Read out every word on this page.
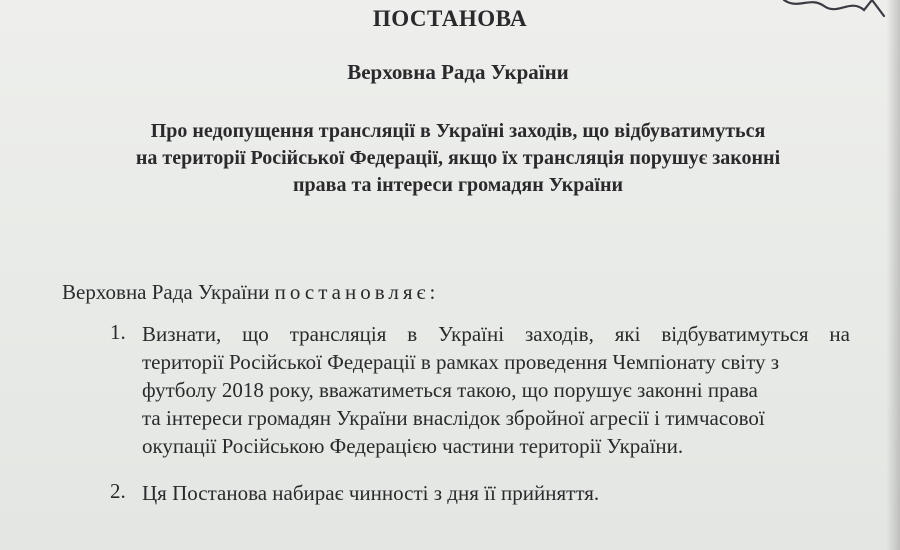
ПОСТАНОВА

Верховна Рада України

Про недопущення трансляції в Україні заходів, що відбуватимуться
на території Російської Федерації, якщо їх трансляція порушує законні
права та інтереси громадян України

Верховна Рада України постановляє:

1. Визнати, що трансляція в Україні заходів, які відбуватимуться на
території Російської Федерації в рамках проведення Чемпіонату світу з
футболу 2018 року, вважатиметься такою, що порушує законні права
та інтереси громадян України внаслідок збройної агресії і тимчасової
окупації Російською Федерацією частини території України.
2. Ця Постанова набирає чинності з дня її прийняття.
